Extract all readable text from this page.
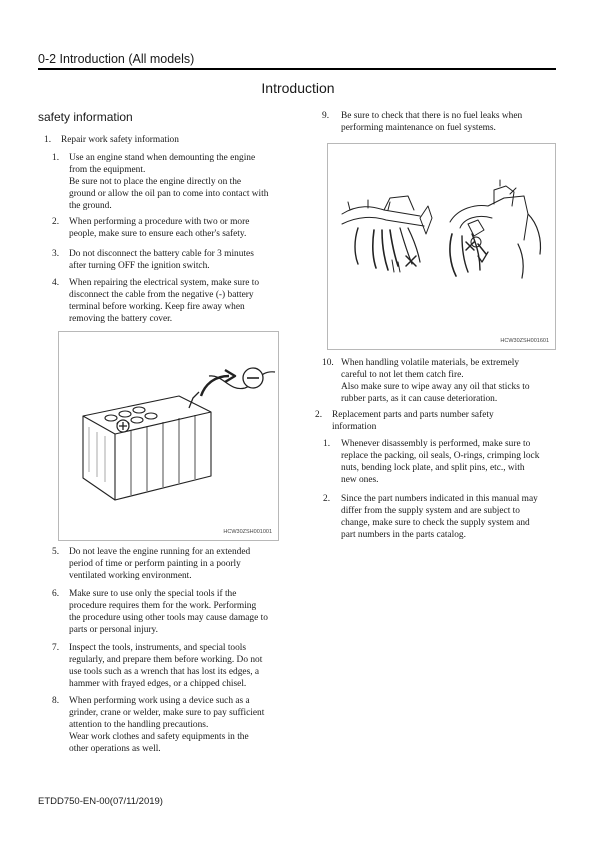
0-2 Introduction (All models)
Introduction
safety information
1. Repair work safety information
1. Use an engine stand when demounting the engine
from the equipment.
Be sure not to place the engine directly on the
ground or allow the oil pan to come into contact with
the ground.
2. When performing a procedure with two or more
people, make sure to ensure each other's safety.
3. Do not disconnect the battery cable for 3 minutes
after turning OFF the ignition switch.
4. When repairing the electrical system, make sure to
disconnect the cable from the negative (-) battery
terminal before working. Keep fire away when
removing the battery cover.
HCW30ZSH001001
5. Do not leave the engine running for an extended
period of time or perform painting in a poorly
ventilated working environment.
6. Make sure to use only the special tools if the
procedure requires them for the work. Performing
the procedure using other tools may cause damage to
parts or personal injury.
7. Inspect the tools, instruments, and special tools
regularly, and prepare them before working. Do not
use tools such as a wrench that has lost its edges, a
hammer with frayed edges, or a chipped chisel.
8. When performing work using a device such as a
grinder, crane or welder, make sure to pay sufficient
attention to the handling precautions.
Wear work clothes and safety equipments in the
other operations as well.
9. Be sure to check that there is no fuel leaks when
performing maintenance on fuel systems.
HCW30ZSH001601
10. When handling volatile materials, be extremely
careful to not let them catch fire.
Also make sure to wipe away any oil that sticks to
rubber parts, as it can cause deterioration.
2. Replacement parts and parts number safety
information
1. Whenever disassembly is performed, make sure to
replace the packing, oil seals, O-rings, crimping lock
nuts, bending lock plate, and split pins, etc., with
new ones.
2. Since the part numbers indicated in this manual may
differ from the supply system and are subject to
change, make sure to check the supply system and
part numbers in the parts catalog.
ETDD750-EN-00(07/11/2019)
